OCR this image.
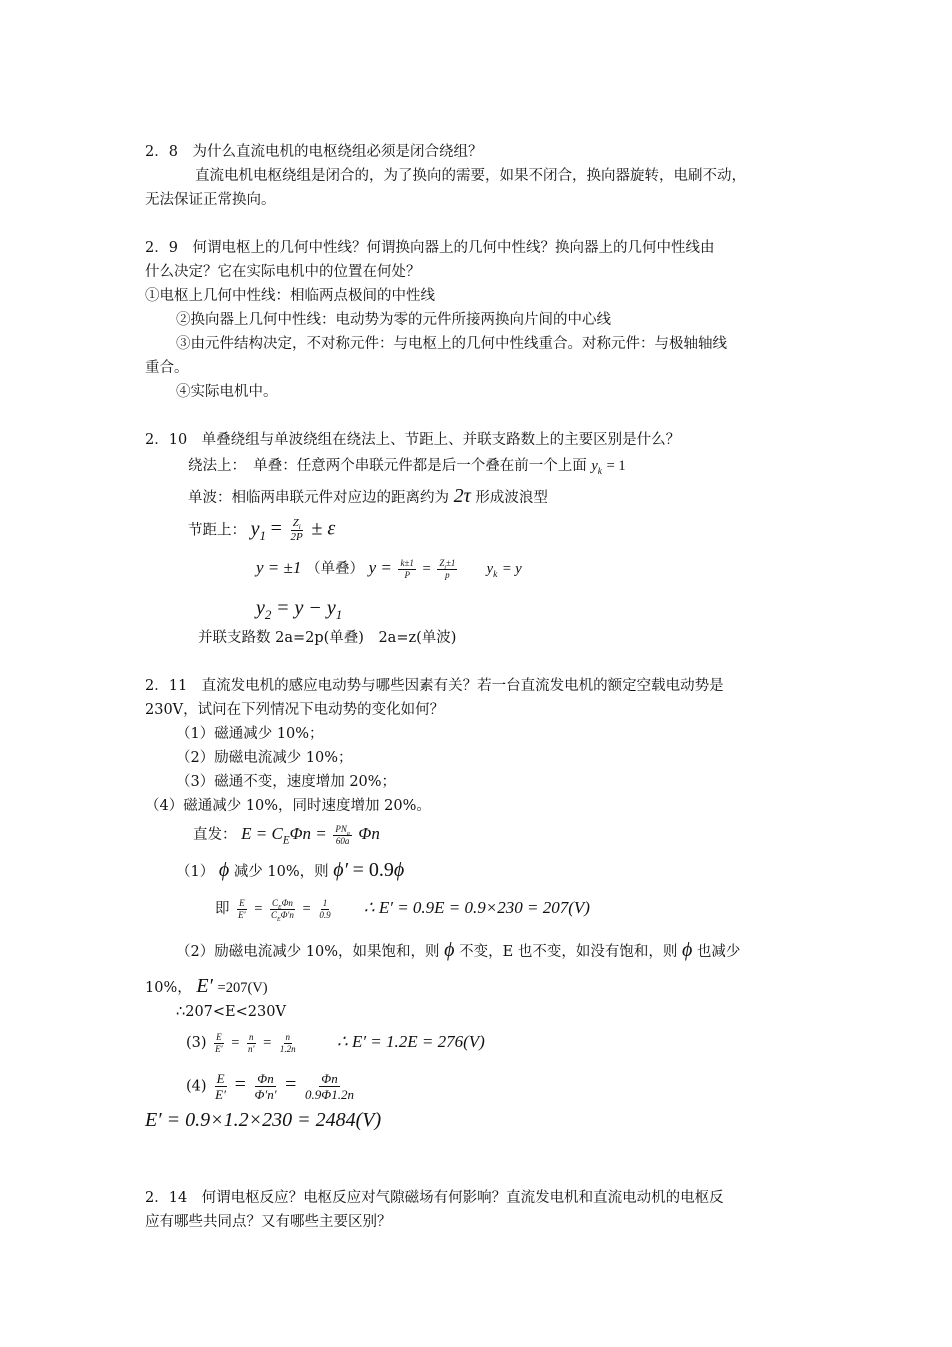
2．8　为什么直流电机的电枢绕组必须是闭合绕组？
直流电机电枢绕组是闭合的，为了换向的需要，如果不闭合，换向器旋转，电刷不动，
无法保证正常换向。
2．9　何谓电枢上的几何中性线？何谓换向器上的几何中性线？换向器上的几何中性线由
什么决定？它在实际电机中的位置在何处？
①电枢上几何中性线：相临两点极间的中性线
②换向器上几何中性线：电动势为零的元件所接两换向片间的中心线
③由元件结构决定，不对称元件：与电枢上的几何中性线重合。对称元件：与极轴轴线
重合。
④实际电机中。
2．10　单叠绕组与单波绕组在绕法上、节距上、并联支路数上的主要区别是什么？
绕法上：　单叠：任意两个串联元件都是后一个叠在前一个上面 $y_k = 1$
单波：相临两串联元件对应边的距离约为 2τ 形成波浪型
节距上： $y_1 = \frac{Z_i}{2P} \pm \varepsilon$
y = ±1 （单叠） $y = \frac{k\pm 1}{P} = \frac{Z_i\pm 1}{p} y_k = y$
$y_2 = y - y_1$
并联支路数 2a=2p(单叠)　2a=z(单波)
2．11　直流发电机的感应电动势与哪些因素有关？若一台直流发电机的额定空载电动势是
230V，试问在下列情况下电动势的变化如何？
（1）磁通减少 10%；
（2）励磁电流减少 10%；
（3）磁通不变，速度增加 20%；
（4）磁通减少 10%，同时速度增加 20%。
直发： $E = C_E\Phi n = \frac{PN_a}{60a}$ Φn
（1） ϕ 减少 10%，则 ϕ′ = 0.9ϕ
即 $\frac{E}{E'} = \frac{C_E\Phi n}{C_E\Phi'n} = \frac{1}{0.9}$ ∴ E′ = 0.9E = 0.9×230 = 207(V)
（2）励磁电流减少 10%，如果饱和，则 ϕ 不变，E 也不变，如没有饱和，则 ϕ 也减少
10%， E′ =207(V)
∴207<E<230V
$(3) \frac{E}{E'} = \frac{n}{n'} = \frac{n}{1.2n}$ ∴ E′ = 1.2E = 276(V)
$(4) \frac{E}{E'} = \frac{\Phi n}{\Phi'n'} = \frac{\Phi n}{0.9\Phi 1.2n}$
E′ = 0.9×1.2×230 = 2484(V)
2．14　何谓电枢反应？电枢反应对气隙磁场有何影响？直流发电机和直流电动机的电枢反
应有哪些共同点？又有哪些主要区别？
